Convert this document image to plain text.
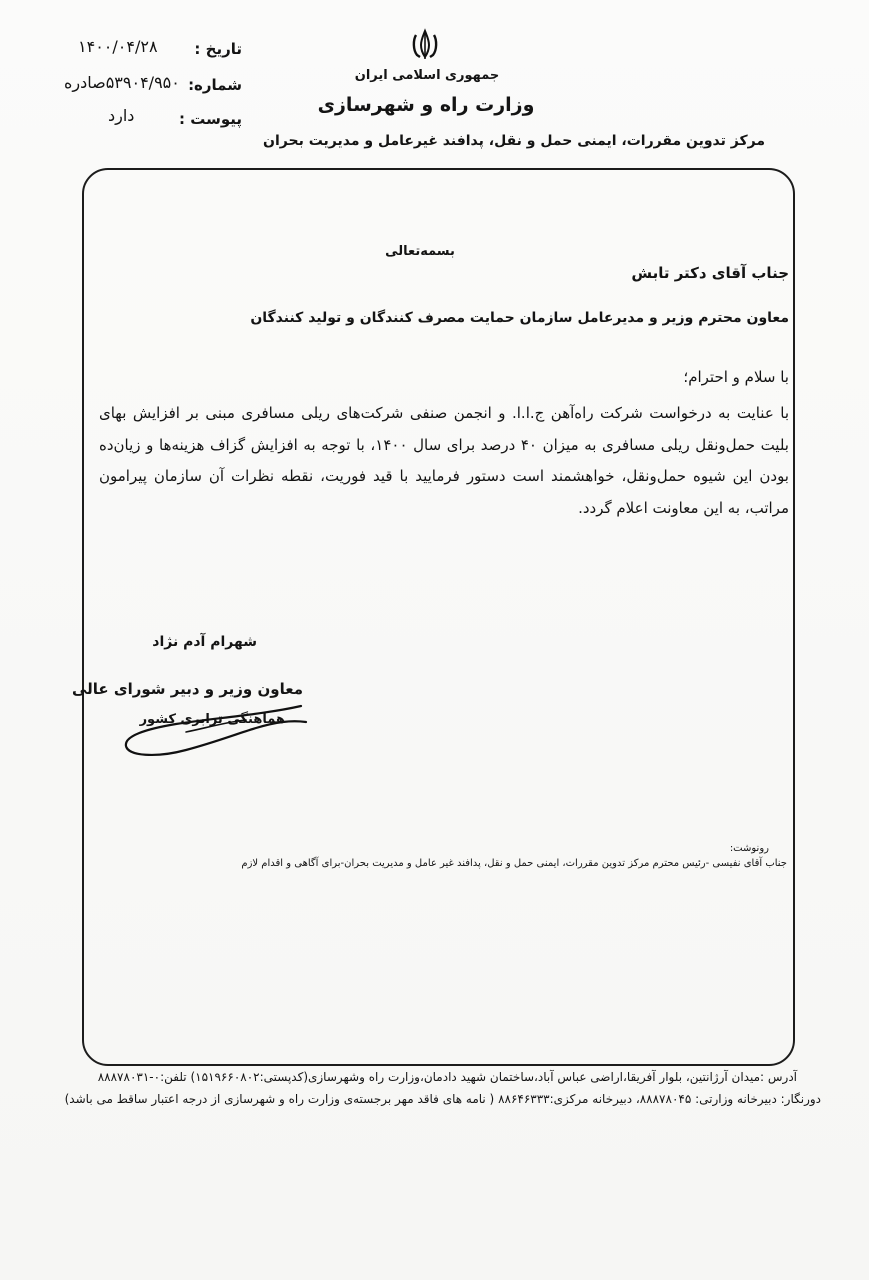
جمهوری اسلامی ایران
وزارت راه و شهرسازی
مرکز تدوین مقررات، ایمنی حمل و نقل، پدافند غیرعامل و مدیریت بحران
تاریخ :
۱۴۰۰/۰۴/۲۸
شماره:
۵۳۹۰۴/۹۵۰صادره
پیوست :
دارد
بسمه‌تعالی
جناب آقای دکتر تابش
معاون محترم وزیر و مدیرعامل سازمان حمایت مصرف کنندگان و تولید کنندگان
با سلام و احترام؛
با عنایت به درخواست شرکت راه‌آهن ج.ا.ا. و انجمن صنفی شرکت‌های ریلی مسافری مبنی بر افزایش بهای بلیت حمل‌ونقل ریلی مسافری به میزان ۴۰ درصد برای سال ۱۴۰۰، با توجه به افزایش گزاف هزینه‌ها و زیان‌ده بودن این شیوه حمل‌ونقل، خواهشمند است دستور فرمایید با قید فوریت، نقطه نظرات آن سازمان پیرامون مراتب، به این معاونت اعلام گردد.
شهرام آدم نژاد
معاون وزیر و دبیر شورای عالی
هماهنگی ترابری کشور
رونوشت:
جناب آقای نفیسی -رئیس محترم مرکز تدوین مقررات، ایمنی حمل و نقل، پدافند غیر عامل و مدیریت بحران-برای آگاهی و اقدام لازم
آدرس :میدان آرژانتین، بلوار آفریقا،اراضی عباس آباد،ساختمان شهید دادمان،وزارت راه وشهرسازی(کدپستی:۱۵۱۹۶۶۰۸۰۲) تلفن:۰-۸۸۸۷۸۰۳۱
دورنگار: دبیرخانه وزارتی: ۸۸۸۷۸۰۴۵، دبیرخانه مرکزی:۸۸۶۴۶۳۳۳ ( نامه های فاقد مهر برجسته‌ی وزارت راه و شهرسازی از درجه اعتبار ساقط می باشد)
